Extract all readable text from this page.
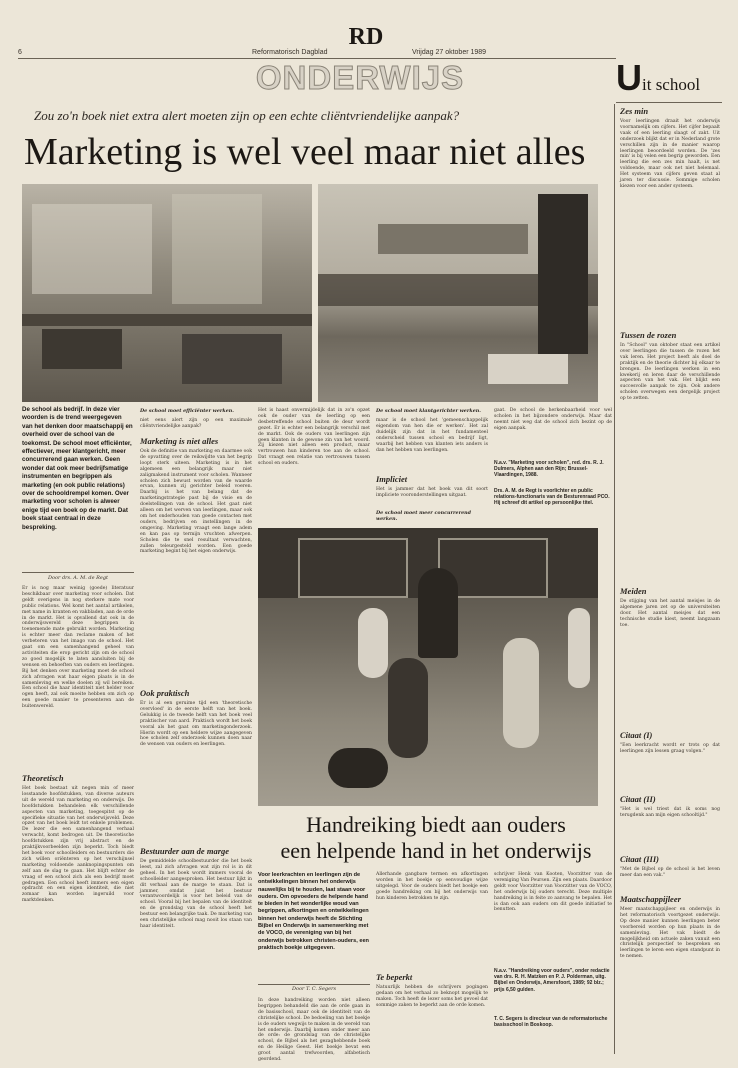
6	Reformatorisch Dagblad
RD
Vrijdag 27 oktober 1989
ONDERWIJS	Uit school
Zou zo'n boek niet extra alert moeten zijn op een echte cliëntvriendelijke aanpak?
Marketing is wel veel maar niet alles
De school als bedrijf. In deze vier woorden is de trend weergegeven van het denken door maatschappij en overheid over de school van de toekomst. De school moet efficiënter, effectiever, meer klantgericht, meer concurrerend gaan werken. Geen wonder dat ook meer bedrijfsmatige instrumenten en begrippen als marketing (en ook public relations) over de schooldrempel komen. Over marketing voor scholen is alweer enige tijd een boek op de markt. Dat boek staat centraal in deze bespreking.
Door drs. A. M. de Regt
Er is nog maar weinig (goede) literatuur beschikbaar over marketing voor scholen. Dat geldt overigens in nog sterkere mate voor public relations. Wel komt het aantal artikelen, met name in kranten en vakbladen, aan de orde in de markt. Het is opvallend dat ook in de onderwijswereld deze begrippen in toenemende mate gebruikt worden. Marketing is echter meer dan reclame maken of het verbeteren van het imago van de school. Het gaat om een samenhangend geheel van activiteiten die erop gericht zijn om de school zo goed mogelijk te laten aansluiten bij de wensen en behoeften van ouders en leerlingen. Bij het denken over marketing moet de school zich afvragen wat haar eigen plaats is in de samenleving en welke doelen zij wil bereiken. Een school die haar identiteit niet helder voor ogen heeft, zal ook moeite hebben om zich op een goede manier te presenteren aan de buitenwereld.
Theoretisch
Het boek bestaat uit negen min of meer losstaande hoofdstukken, van diverse auteurs uit de wereld van marketing en onderwijs. De hoofdstukken behandelen elk verschillende aspecten van marketing, toegespitst op de specifieke situatie van het onderwijsveld. Deze opzet van het boek leidt tot enkele problemen. De lezer die een samenhangend verhaal verwacht, komt bedrogen uit. De theoretische hoofdstukken zijn vrij abstract en de praktijkvoorbeelden zijn beperkt. Toch biedt het boek voor schoolleiders en bestuurders die zich willen oriënteren op het verschijnsel marketing voldoende aanknopingspunten om zelf aan de slag te gaan. Het blijft echter de vraag of een school zich als een bedrijf moet gedragen. Een school heeft immers een eigen opdracht en een eigen identiteit, die niet zomaar kan worden ingeruild voor marktdenken.
De school moet efficiënter werken.
niet eens alert zijn op een maximale cliëntvriendelijke aanpak?
Marketing is niet alles
Ook de definitie van marketing en daarmee ook de opvatting over de reikwijdte van het begrip loopt sterk uiteen. Marketing is in het algemeen een belangrijk maar niet zaligmakend instrument voor scholen. Wanneer scholen zich bewust worden van de waarde ervan, kunnen zij gerichter beleid voeren. Daarbij is het van belang dat de marketingstrategie past bij de visie en de doelstellingen van de school. Het gaat niet alleen om het werven van leerlingen, maar ook om het onderhouden van goede contacten met ouders, bedrijven en instellingen in de omgeving. Marketing vraagt een lange adem en kan pas op termijn vruchten afwerpen. Scholen die te snel resultaat verwachten, zullen teleurgesteld worden. Een goede marketing begint bij het eigen onderwijs.
Ook praktisch
Er is al een geruime tijd een 'theoretische overvloed' in de eerste helft van het boek. Gelukkig is de tweede helft van het boek veel praktischer van aard. Praktisch wordt het boek vooral als het gaat om marketingonderzoek. Hierin wordt op een heldere wijze aangegeven hoe scholen zelf onderzoek kunnen doen naar de wensen van ouders en leerlingen.
Bestuurder aan de marge
De gemiddelde schoolbestuurder die het boek leest, zal zich afvragen wat zijn rol is in dit geheel. In het boek wordt immers vooral de schoolleider aangesproken. Het bestuur lijkt in dit verhaal aan de marge te staan. Dat is jammer, omdat juist het bestuur verantwoordelijk is voor het beleid van de school. Vooral bij het bepalen van de identiteit en de grondslag van de school heeft het bestuur een belangrijke taak. De marketing van een christelijke school mag nooit los staan van haar identiteit.
Het is haast onvermijdelijk dat in zo'n opzet ook de ouder van de leerling op een desbetreffende school buiten de deur wordt gezet. Er is echter een belangrijk verschil met de markt. Ook de ouders van leerlingen zijn geen klanten in de gewone zin van het woord. Zij kiezen niet alleen een product, maar vertrouwen hun kinderen toe aan de school. Dat vraagt een relatie van vertrouwen tussen school en ouders.
De school moet klantgerichter werken.
maar is de school het 'gemeenschappelijk eigendom van hen die er werken'. Het zal duidelijk zijn dat in het fundamenteel onderscheid tussen school en bedrijf ligt, waarbij het hebben van klanten iets anders is dan het hebben van leerlingen.
Impliciet
Het is jammer dat het boek van dit soort impliciete vooronderstellingen uitgaat.
De school moet meer concurrerend werken.
gaat. De school de herkenbaarheid voor wel scholen in het bijzondere onderwijs. Maar dat neemt niet weg dat de school zich bezint op de eigen aanpak.
N.a.v. "Marketing voor scholen", red. drs. R. J. Dulmers, Alphen aan den Rijn; Brussel-Vlaardingen, 1988.
Drs. A. M. de Regt is voorlichter en public relations-functionaris van de Besturenraad PCO. Hij schreef dit artikel op persoonlijke titel.
Handreiking biedt aan ouders
een helpende hand in het onderwijs
Voor leerkrachten en leerlingen zijn de ontwikkelingen binnen het onderwijs nauwelijks bij te houden, laat staan voor ouders. Om opvoeders de helpende hand te bieden in het wonderlijke woud van begrippen, afkortingen en ontwikkelingen binnen het onderwijs heeft de Stichting Bijbel en Onderwijs in samenwerking met de VOCO, de vereniging van bij het onderwijs betrokken christen-ouders, een praktisch boekje uitgegeven.
Door T. C. Segers
In deze handreiking worden niet alleen begrippen behandeld die aan de orde gaan in de basisschool, maar ook de identiteit van de christelijke school. De bedoeling van het boekje is de ouders wegwijs te maken in de wereld van het onderwijs. Daarbij komen onder meer aan de orde: de grondslag van de christelijke school, de Bijbel als het gezaghebbende boek en de Heilige Geest. Het boekje bevat een groot aantal trefwoorden, alfabetisch geordend.
Allerhande gangbare termen en afkortingen worden in het boekje op eenvoudige wijze uitgelegd. Voor de ouders biedt het boekje een goede handreiking om bij het onderwijs van hun kinderen betrokken te zijn.
Te beperkt
Natuurlijk hebben de schrijvers pogingen gedaan om het verhaal zo beknopt mogelijk te maken. Toch heeft de lezer soms het gevoel dat sommige zaken te beperkt aan de orde komen.
schrijver Henk van Kooten, Voorzitter van de vereniging Van Peursen. Zijn een plaats. Daardoor geldt voor Voorzitter van Voorzitter van de VOCO, het onderwijs bij ouders terecht. Deze multiple handreiking is in feite zo aanvang te bepalen. Het is dan ook aan ouders om dit goede initiatief te benutten.
N.a.v. "Handreiking voor ouders", onder redactie van drs. R. H. Matzken en P. J. Polderman, uitg. Bijbel en Onderwijs, Amersfoort, 1989; 92 blz.; prijs 6,50 gulden.
T. C. Segers is directeur van de reformatorische basisschool in Boskoop.
Zes min
Voor leerlingen draait het onderwijs voornamelijk om cijfers. Het cijfer bepaalt vaak of een leerling slaagt of zakt. Uit onderzoek blijkt dat er in Nederland grote verschillen zijn in de manier waarop leerlingen beoordeeld worden. De 'zes min' is bij velen een begrip geworden. Een leerling die een zes min haalt, is net voldoende, maar ook net niet helemaal. Het systeem van cijfers geven staat al jaren ter discussie. Sommige scholen kiezen voor een ander systeem.
Tussen de rozen
In "School" van oktober staat een artikel over leerlingen die tussen de rozen het vak leren. Het project heeft als doel de praktijk en de theorie dichter bij elkaar te brengen. De leerlingen werken in een kwekerij en leren daar de verschillende aspecten van het vak. Het blijkt een succesvolle aanpak te zijn. Ook andere scholen overwegen een dergelijk project op te zetten.
Meiden
De stijging van het aantal meisjes in de algemene jaren zet op de universiteiten door. Het aantal meisjes dat een technische studie kiest, neemt langzaam toe.
Citaat (I)
"Een leerkracht wordt er trots op dat leerlingen zijn lessen graag volgen."
Citaat (II)
"Het is wel triest dat ik soms nog terugdenk aan mijn eigen schooltijd."
Citaat (III)
"Met de Bijbel op de school is het leven meer dan een vak."
Maatschappijleer
Meer maatschappijleer en onderwijs in het reformatorisch voortgezet onderwijs. Op deze manier kunnen leerlingen beter voorbereid worden op hun plaats in de samenleving. Het vak biedt de mogelijkheid om actuele zaken vanuit een christelijk perspectief te bespreken en leerlingen te leren een eigen standpunt in te nemen.
